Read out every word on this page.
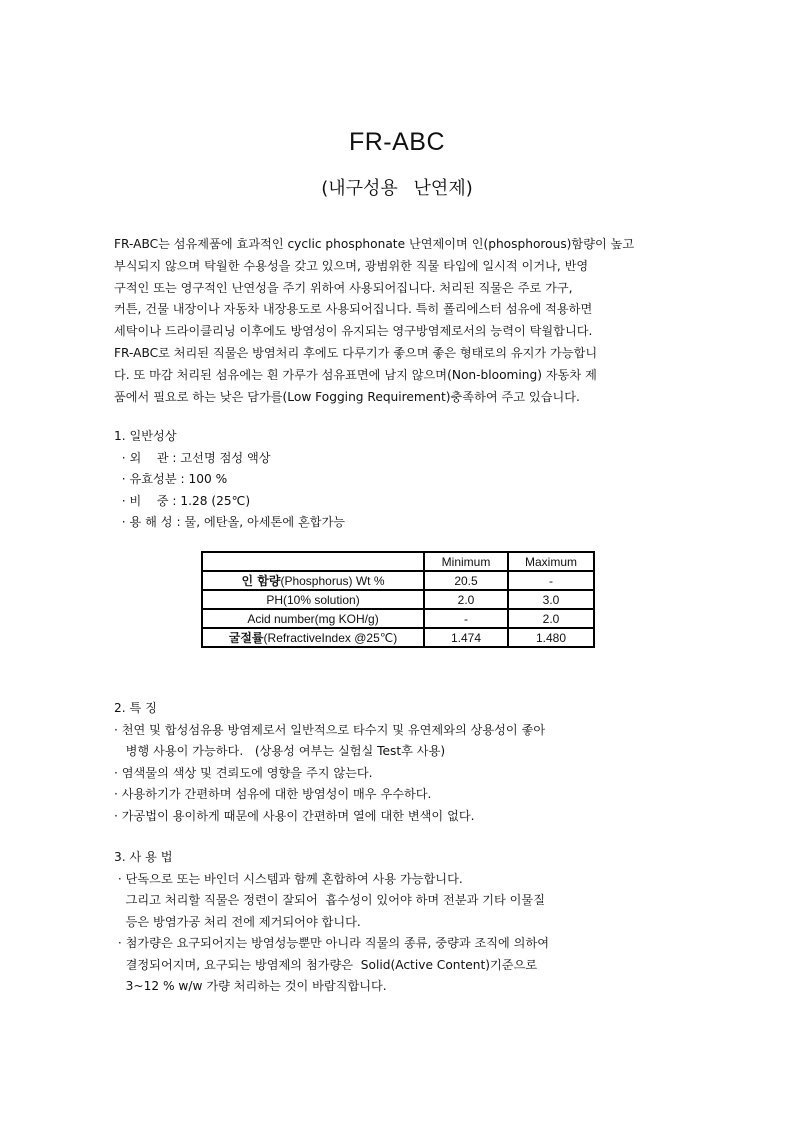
FR-ABC
(내구성용 난연제)
FR-ABC는 섬유제품에 효과적인 cyclic phosphonate 난연제이며 인(phosphorous)함량이 높고
부식되지 않으며 탁월한 수용성을 갖고 있으며, 광범위한 직물 타입에 일시적 이거나, 반영
구적인 또는 영구적인 난연성을 주기 위하여 사용되어집니다. 처리된 직물은 주로 가구,
커튼, 건물 내장이나 자동차 내장용도로 사용되어집니다. 특히 폴리에스터 섬유에 적용하면
세탁이나 드라이클리닝 이후에도 방염성이 유지되는 영구방염제로서의 능력이 탁월합니다.
FR-ABC로 처리된 직물은 방염처리 후에도 다루기가 좋으며 좋은 형태로의 유지가 가능합니
다. 또 마감 처리된 섬유에는 흰 가루가 섬유표면에 남지 않으며(Non-blooming) 자동차 제
품에서 필요로 하는 낮은 담가를(Low Fogging Requirement)충족하여 주고 있습니다.
1. 일반성상
· 외    관 : 고선명 점성 액상
· 유효성분 : 100 %
· 비    중 : 1.28 (25℃)
· 용 해 성 : 물, 에탄올, 아세톤에 혼합가능
	Minimum	Maximum
인 함량(Phosphorus) Wt %	20.5	-
PH(10% solution)	2.0	3.0
Acid number(mg KOH/g)	-	2.0
굴절률(RefractiveIndex @25℃)	1.474	1.480
2. 특 징
· 천연 및 합성섬유용 방염제로서 일반적으로 타수지 및 유연제와의 상용성이 좋아
병행 사용이 가능하다.   (상용성 여부는 실험실 Test후 사용)
· 염색물의 색상 및 견뢰도에 영향을 주지 않는다.
· 사용하기가 간편하며 섬유에 대한 방염성이 매우 우수하다.
· 가공법이 용이하게 때문에 사용이 간편하며 열에 대한 변색이 없다.
3. 사 용 법
· 단독으로 또는 바인더 시스템과 함께 혼합하여 사용 가능합니다.
그리고 처리할 직물은 정련이 잘되어  흡수성이 있어야 하며 전분과 기타 이물질
등은 방염가공 처리 전에 제거되어야 합니다.
· 첨가량은 요구되어지는 방염성능뿐만 아니라 직물의 종류, 중량과 조직에 의하여
결정되어지며, 요구되는 방염제의 첨가량은  Solid(Active Content)기준으로
3~12 % w/w 가량 처리하는 것이 바람직합니다.
